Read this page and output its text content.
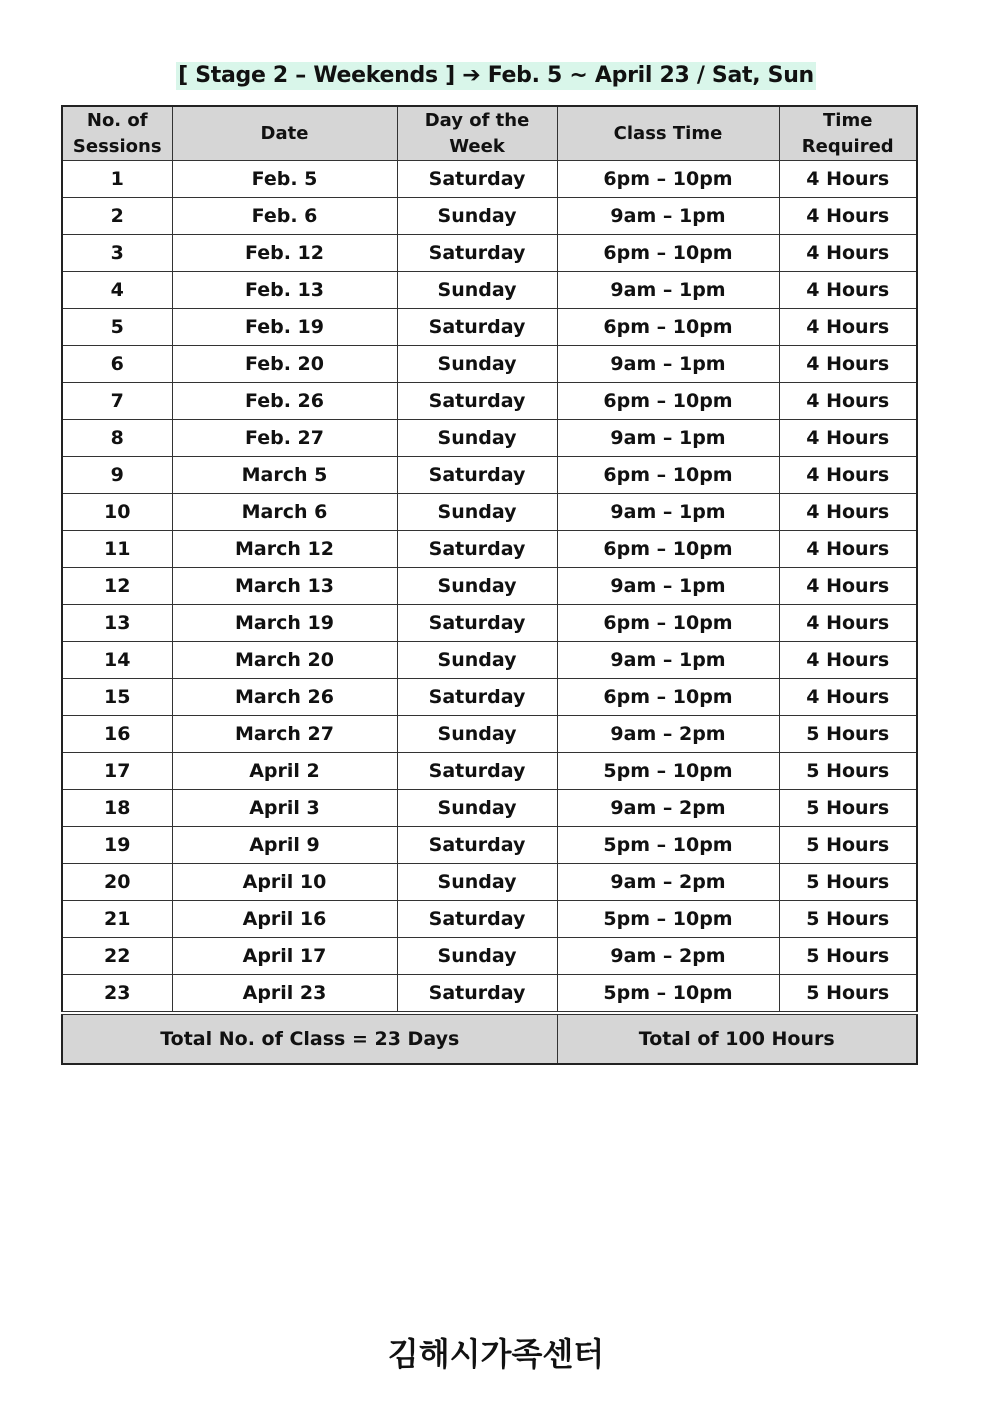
[ Stage 2 – Weekends ] ➔ Feb. 5 ~ April 23 / Sat, Sun
No. of Sessions	Date	Day of the Week	Class Time	Time Required
1	Feb. 5	Saturday	6pm – 10pm	4 Hours
2	Feb. 6	Sunday	9am – 1pm	4 Hours
3	Feb. 12	Saturday	6pm – 10pm	4 Hours
4	Feb. 13	Sunday	9am – 1pm	4 Hours
5	Feb. 19	Saturday	6pm – 10pm	4 Hours
6	Feb. 20	Sunday	9am – 1pm	4 Hours
7	Feb. 26	Saturday	6pm – 10pm	4 Hours
8	Feb. 27	Sunday	9am – 1pm	4 Hours
9	March 5	Saturday	6pm – 10pm	4 Hours
10	March 6	Sunday	9am – 1pm	4 Hours
11	March 12	Saturday	6pm – 10pm	4 Hours
12	March 13	Sunday	9am – 1pm	4 Hours
13	March 19	Saturday	6pm – 10pm	4 Hours
14	March 20	Sunday	9am – 1pm	4 Hours
15	March 26	Saturday	6pm – 10pm	4 Hours
16	March 27	Sunday	9am – 2pm	5 Hours
17	April 2	Saturday	5pm – 10pm	5 Hours
18	April 3	Sunday	9am – 2pm	5 Hours
19	April 9	Saturday	5pm – 10pm	5 Hours
20	April 10	Sunday	9am – 2pm	5 Hours
21	April 16	Saturday	5pm – 10pm	5 Hours
22	April 17	Sunday	9am – 2pm	5 Hours
23	April 23	Saturday	5pm – 10pm	5 Hours
Total No. of Class = 23 Days			Total of 100 Hours	
김해시가족센터
